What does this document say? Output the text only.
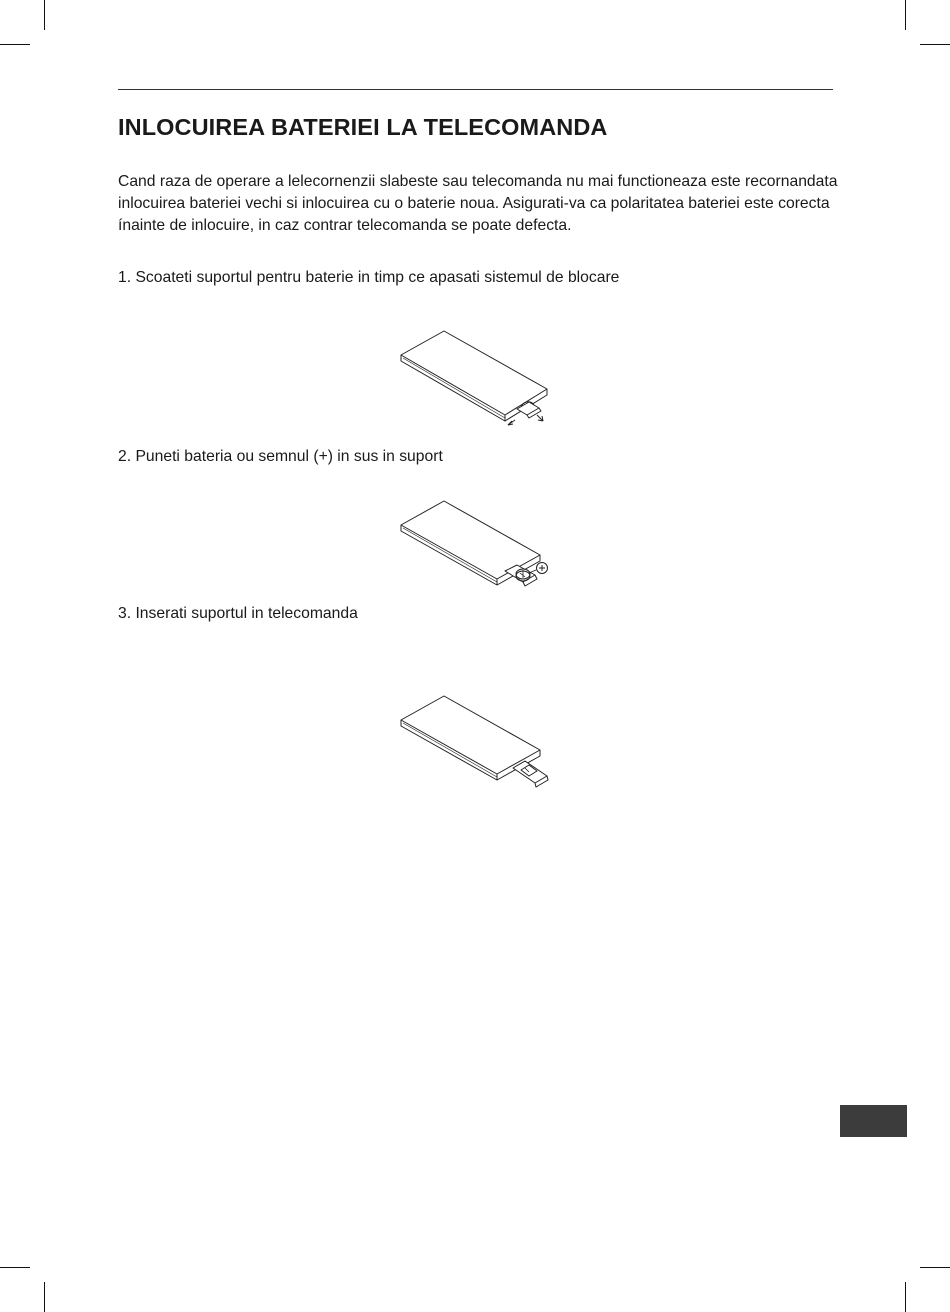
INLOCUIREA BATERIEI LA TELECOMANDA

Cand raza de operare a lelecornenzii slabeste sau telecomanda nu mai functioneaza este recornandata inlocuirea bateriei vechi si inlocuirea cu o baterie noua. Asigurati-va ca polaritatea bateriei este corecta ínainte de inlocuire, in caz contrar telecomanda se poate defecta.

1. Scoateti suportul pentru baterie in timp ce apasati sistemul de blocare

2. Puneti bateria ou semnul (+) in sus in suport

3. Inserati suportul in telecomanda
